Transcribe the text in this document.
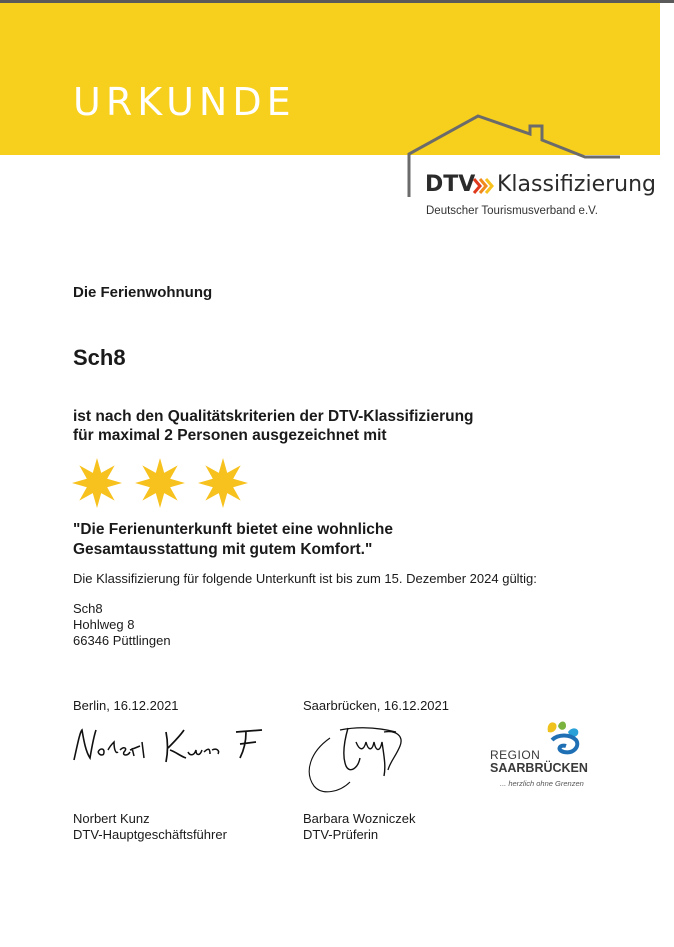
URKUNDE
DTV Klassifizierung
Deutscher Tourismusverband e.V.
Die Ferienwohnung
Sch8
ist nach den Qualitätskriterien der DTV-Klassifizierung
für maximal 2 Personen ausgezeichnet mit
"Die Ferienunterkunft bietet eine wohnliche
Gesamtausstattung mit gutem Komfort."
Die Klassifizierung für folgende Unterkunft ist bis zum 15. Dezember 2024 gültig:
Sch8
Hohlweg 8
66346 Püttlingen
Berlin, 16.12.2021	Saarbrücken, 16.12.2021
REGION
SAARBRÜCKEN
... herzlich ohne Grenzen
Norbert Kunz
DTV-Hauptgeschäftsführer
Barbara Wozniczek
DTV-Prüferin
